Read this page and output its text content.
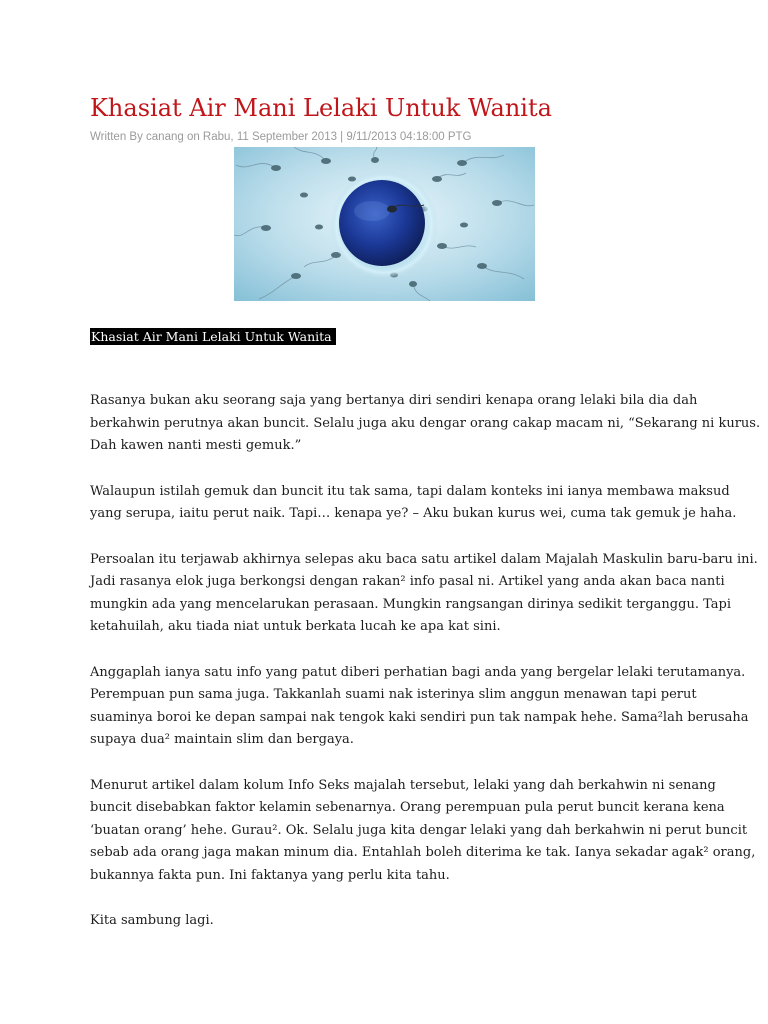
Khasiat Air Mani Lelaki Untuk Wanita
Written By canang on Rabu, 11 September 2013 | 9/11/2013 04:18:00 PTG
Khasiat Air Mani Lelaki Untuk Wanita

Rasanya bukan aku seorang saja yang bertanya diri sendiri kenapa orang lelaki bila dia dah
berkahwin perutnya akan buncit. Selalu juga aku dengar orang cakap macam ni, “Sekarang ni kurus.
Dah kawen nanti mesti gemuk.”

Walaupun istilah gemuk dan buncit itu tak sama, tapi dalam konteks ini ianya membawa maksud
yang serupa, iaitu perut naik. Tapi… kenapa ye? – Aku bukan kurus wei, cuma tak gemuk je haha.

Persoalan itu terjawab akhirnya selepas aku baca satu artikel dalam Majalah Maskulin baru-baru ini.
Jadi rasanya elok juga berkongsi dengan rakan² info pasal ni. Artikel yang anda akan baca nanti
mungkin ada yang mencelarukan perasaan. Mungkin rangsangan dirinya sedikit terganggu. Tapi
ketahuilah, aku tiada niat untuk berkata lucah ke apa kat sini.

Anggaplah ianya satu info yang patut diberi perhatian bagi anda yang bergelar lelaki terutamanya.
Perempuan pun sama juga. Takkanlah suami nak isterinya slim anggun menawan tapi perut
suaminya boroi ke depan sampai nak tengok kaki sendiri pun tak nampak hehe. Sama²lah berusaha
supaya dua² maintain slim dan bergaya.

Menurut artikel dalam kolum Info Seks majalah tersebut, lelaki yang dah berkahwin ni senang
buncit disebabkan faktor kelamin sebenarnya. Orang perempuan pula perut buncit kerana kena
‘buatan orang’ hehe. Gurau². Ok. Selalu juga kita dengar lelaki yang dah berkahwin ni perut buncit
sebab ada orang jaga makan minum dia. Entahlah boleh diterima ke tak. Ianya sekadar agak² orang,
bukannya fakta pun. Ini faktanya yang perlu kita tahu.

Kita sambung lagi.
